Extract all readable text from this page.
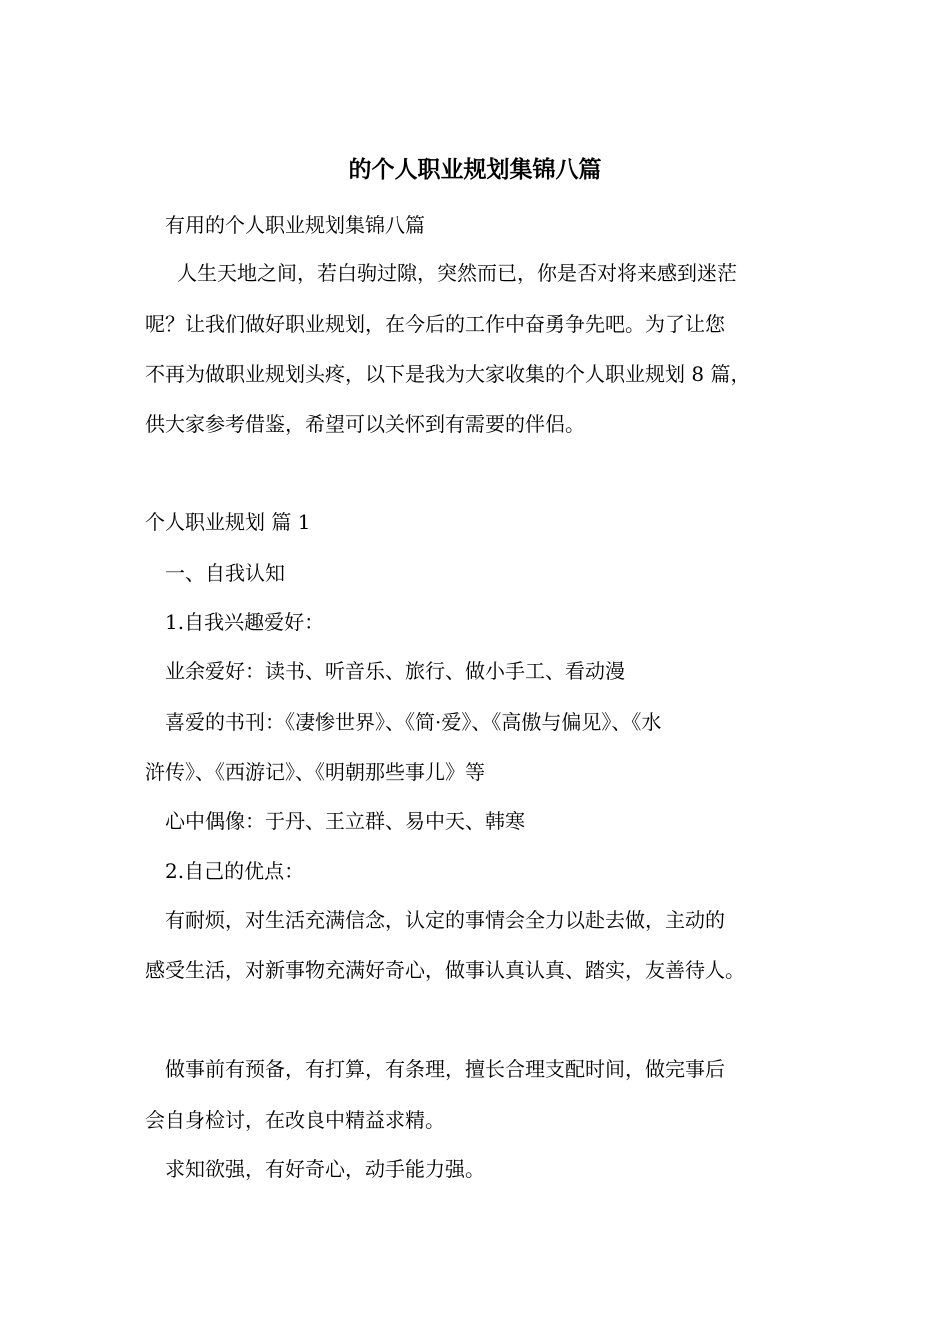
的个人职业规划集锦八篇
有用的个人职业规划集锦八篇
人生天地之间，若白驹过隙，突然而已，你是否对将来感到迷茫
呢？让我们做好职业规划，在今后的工作中奋勇争先吧。为了让您
不再为做职业规划头疼，以下是我为大家收集的个人职业规划 8 篇，
供大家参考借鉴，希望可以关怀到有需要的伴侣。
个人职业规划 篇 1
一、自我认知
1.自我兴趣爱好：
业余爱好：读书、听音乐、旅行、做小手工、看动漫
喜爱的书刊：《凄惨世界》、《简·爱》、《高傲与偏见》、《水
浒传》、《西游记》、《明朝那些事儿》等
心中偶像：于丹、王立群、易中天、韩寒
2.自己的优点：
有耐烦，对生活充满信念，认定的事情会全力以赴去做，主动的
感受生活，对新事物充满好奇心，做事认真认真、踏实，友善待人。
做事前有预备，有打算，有条理，擅长合理支配时间，做完事后
会自身检讨，在改良中精益求精。
求知欲强，有好奇心，动手能力强。
